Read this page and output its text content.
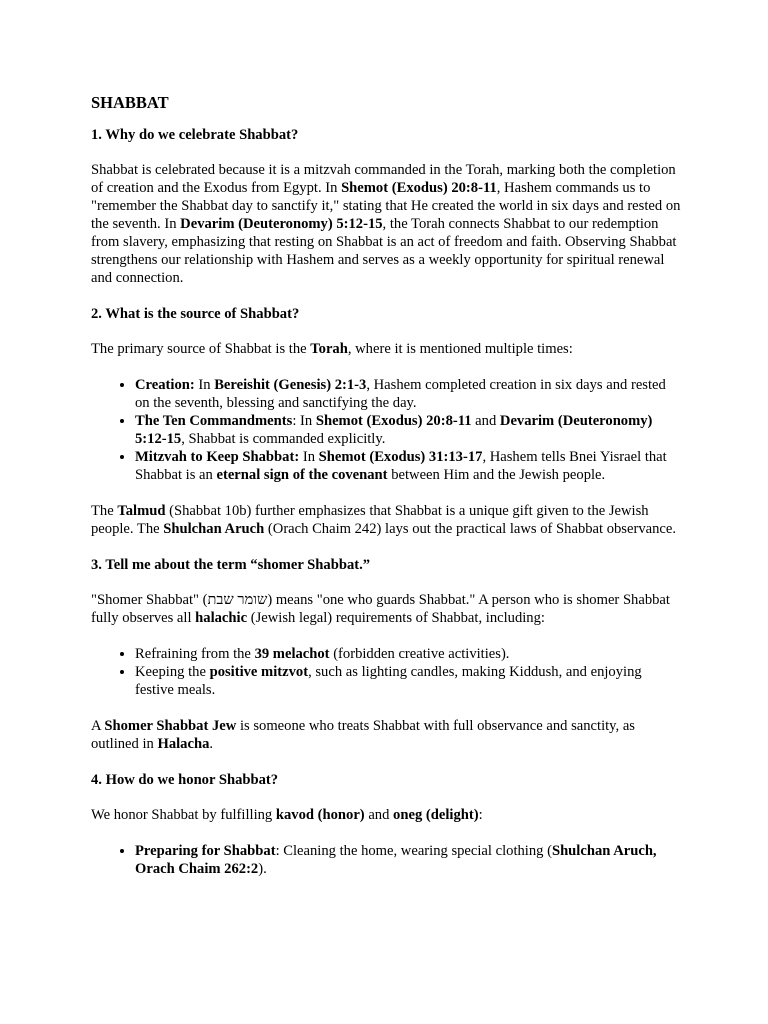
SHABBAT
1. Why do we celebrate Shabbat?

Shabbat is celebrated because it is a mitzvah commanded in the Torah, marking both the completion of creation and the Exodus from Egypt. In Shemot (Exodus) 20:8-11, Hashem commands us to "remember the Shabbat day to sanctify it," stating that He created the world in six days and rested on the seventh. In Devarim (Deuteronomy) 5:12-15, the Torah connects Shabbat to our redemption from slavery, emphasizing that resting on Shabbat is an act of freedom and faith. Observing Shabbat strengthens our relationship with Hashem and serves as a weekly opportunity for spiritual renewal and connection.

2. What is the source of Shabbat?

The primary source of Shabbat is the Torah, where it is mentioned multiple times:

• Creation: In Bereishit (Genesis) 2:1-3, Hashem completed creation in six days and rested on the seventh, blessing and sanctifying the day.
• The Ten Commandments: In Shemot (Exodus) 20:8-11 and Devarim (Deuteronomy) 5:12-15, Shabbat is commanded explicitly.
• Mitzvah to Keep Shabbat: In Shemot (Exodus) 31:13-17, Hashem tells Bnei Yisrael that Shabbat is an eternal sign of the covenant between Him and the Jewish people.

The Talmud (Shabbat 10b) further emphasizes that Shabbat is a unique gift given to the Jewish people. The Shulchan Aruch (Orach Chaim 242) lays out the practical laws of Shabbat observance.

3. Tell me about the term “shomer Shabbat.”

"Shomer Shabbat" (שומר שבת) means "one who guards Shabbat." A person who is shomer Shabbat fully observes all halachic (Jewish legal) requirements of Shabbat, including:

• Refraining from the 39 melachot (forbidden creative activities).
• Keeping the positive mitzvot, such as lighting candles, making Kiddush, and enjoying festive meals.

A Shomer Shabbat Jew is someone who treats Shabbat with full observance and sanctity, as outlined in Halacha.

4. How do we honor Shabbat?

We honor Shabbat by fulfilling kavod (honor) and oneg (delight):

• Preparing for Shabbat: Cleaning the home, wearing special clothing (Shulchan Aruch, Orach Chaim 262:2).
